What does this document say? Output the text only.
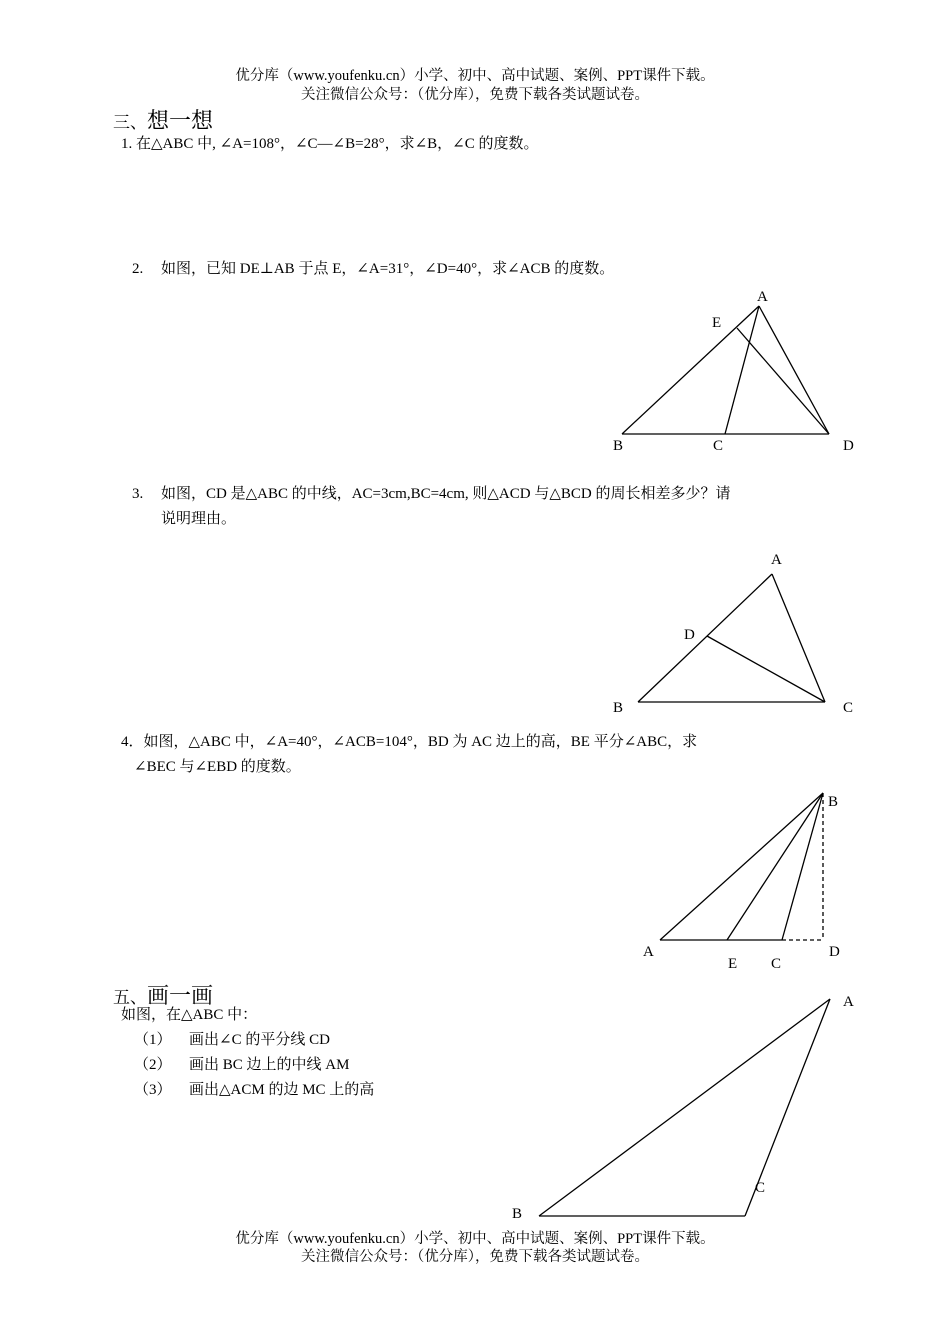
优分库（www.youfenku.cn）小学、初中、高中试题、案例、PPT课件下载。
关注微信公众号：（优分库），免费下载各类试题试卷。
三、想一想
1. 在△ABC 中, ∠A=108°，∠C—∠B=28°，求∠B，∠C 的度数。
2. 如图，已知 DE⊥AB 于点 E，∠A=31°，∠D=40°，求∠ACB 的度数。
3. 如图，CD 是△ABC 的中线，AC=3cm,BC=4cm, 则△ACD 与△BCD 的周长相差多少？请
说明理由。
4．如图，△ABC 中，∠A=40°，∠ACB=104°，BD 为 AC 边上的高，BE 平分∠ABC，求
∠BEC 与∠EBD 的度数。
五、画一画
如图，在△ABC 中：
（1） 画出∠C 的平分线 CD
（2） 画出 BC 边上的中线 AM
（3） 画出△ACM 的边 MC 上的高
A
E
B	C	D
A
D
B	C
B
A	D
E C
A
C
B
优分库（www.youfenku.cn）小学、初中、高中试题、案例、PPT课件下载。
关注微信公众号：（优分库），免费下载各类试题试卷。
